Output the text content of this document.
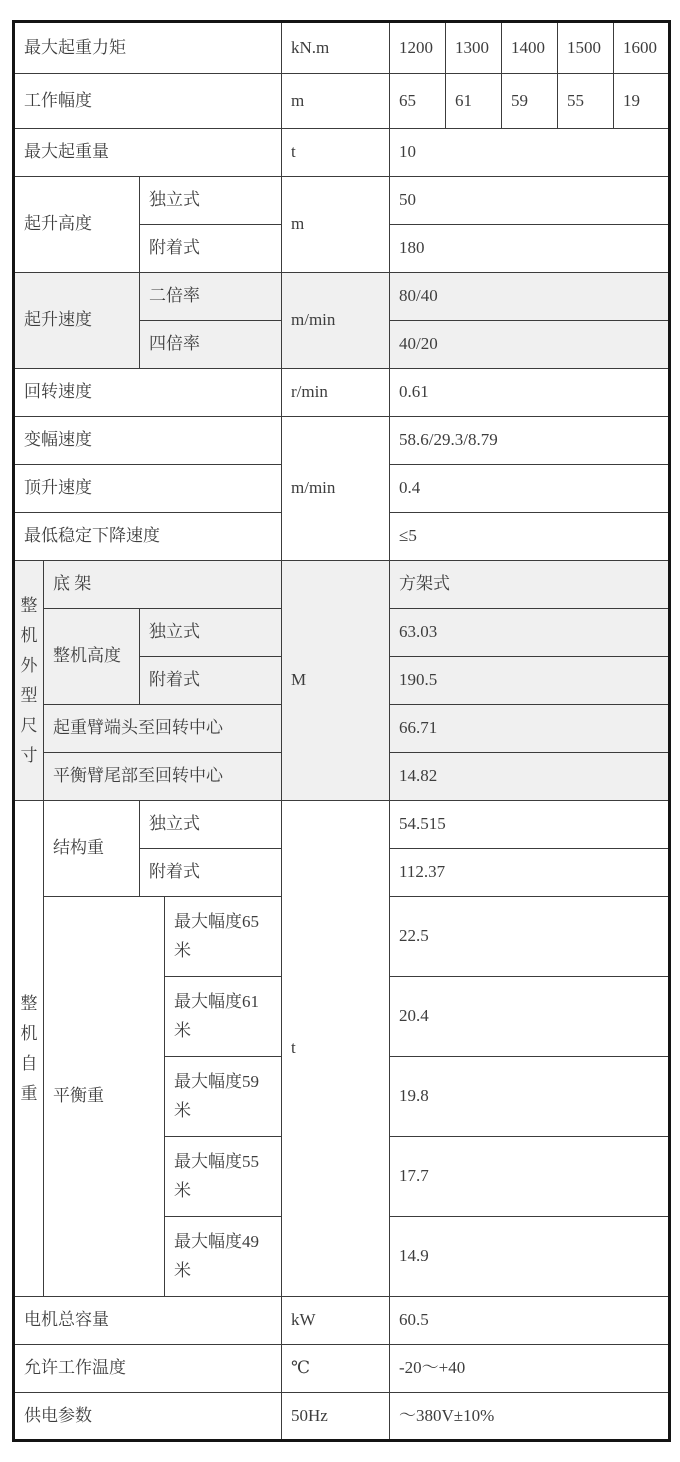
最大起重力矩				kN.m	1200	1300	1400	1500	1600
工作幅度				m	65	61	59	55	19
最大起重量				t	10				
起升高度		独立式		m	50				
		附着式			180				
起升速度		二倍率		m/min	80/40				
		四倍率			40/20				
回转速度				r/min	0.61				
变幅速度				m/min	58.6/29.3/8.79				
顶升速度					0.4				
最低稳定下降速度					≤5				
整机外型尺寸	底 架			M	方架式				
	整机高度	独立式			63.03				
		附着式			190.5				
	起重臂端头至回转中心				66.71				
	平衡臂尾部至回转中心				14.82				
整机自重	结构重	独立式		t	54.515				
		附着式			112.37				
	平衡重		最大幅度65米		22.5				
			最大幅度61米		20.4				
			最大幅度59米		19.8				
			最大幅度55米		17.7				
			最大幅度49米		14.9				
电机总容量				kW	60.5				
允许工作温度				℃	-20～+40				
供电参数				50Hz	～380V±10%				
